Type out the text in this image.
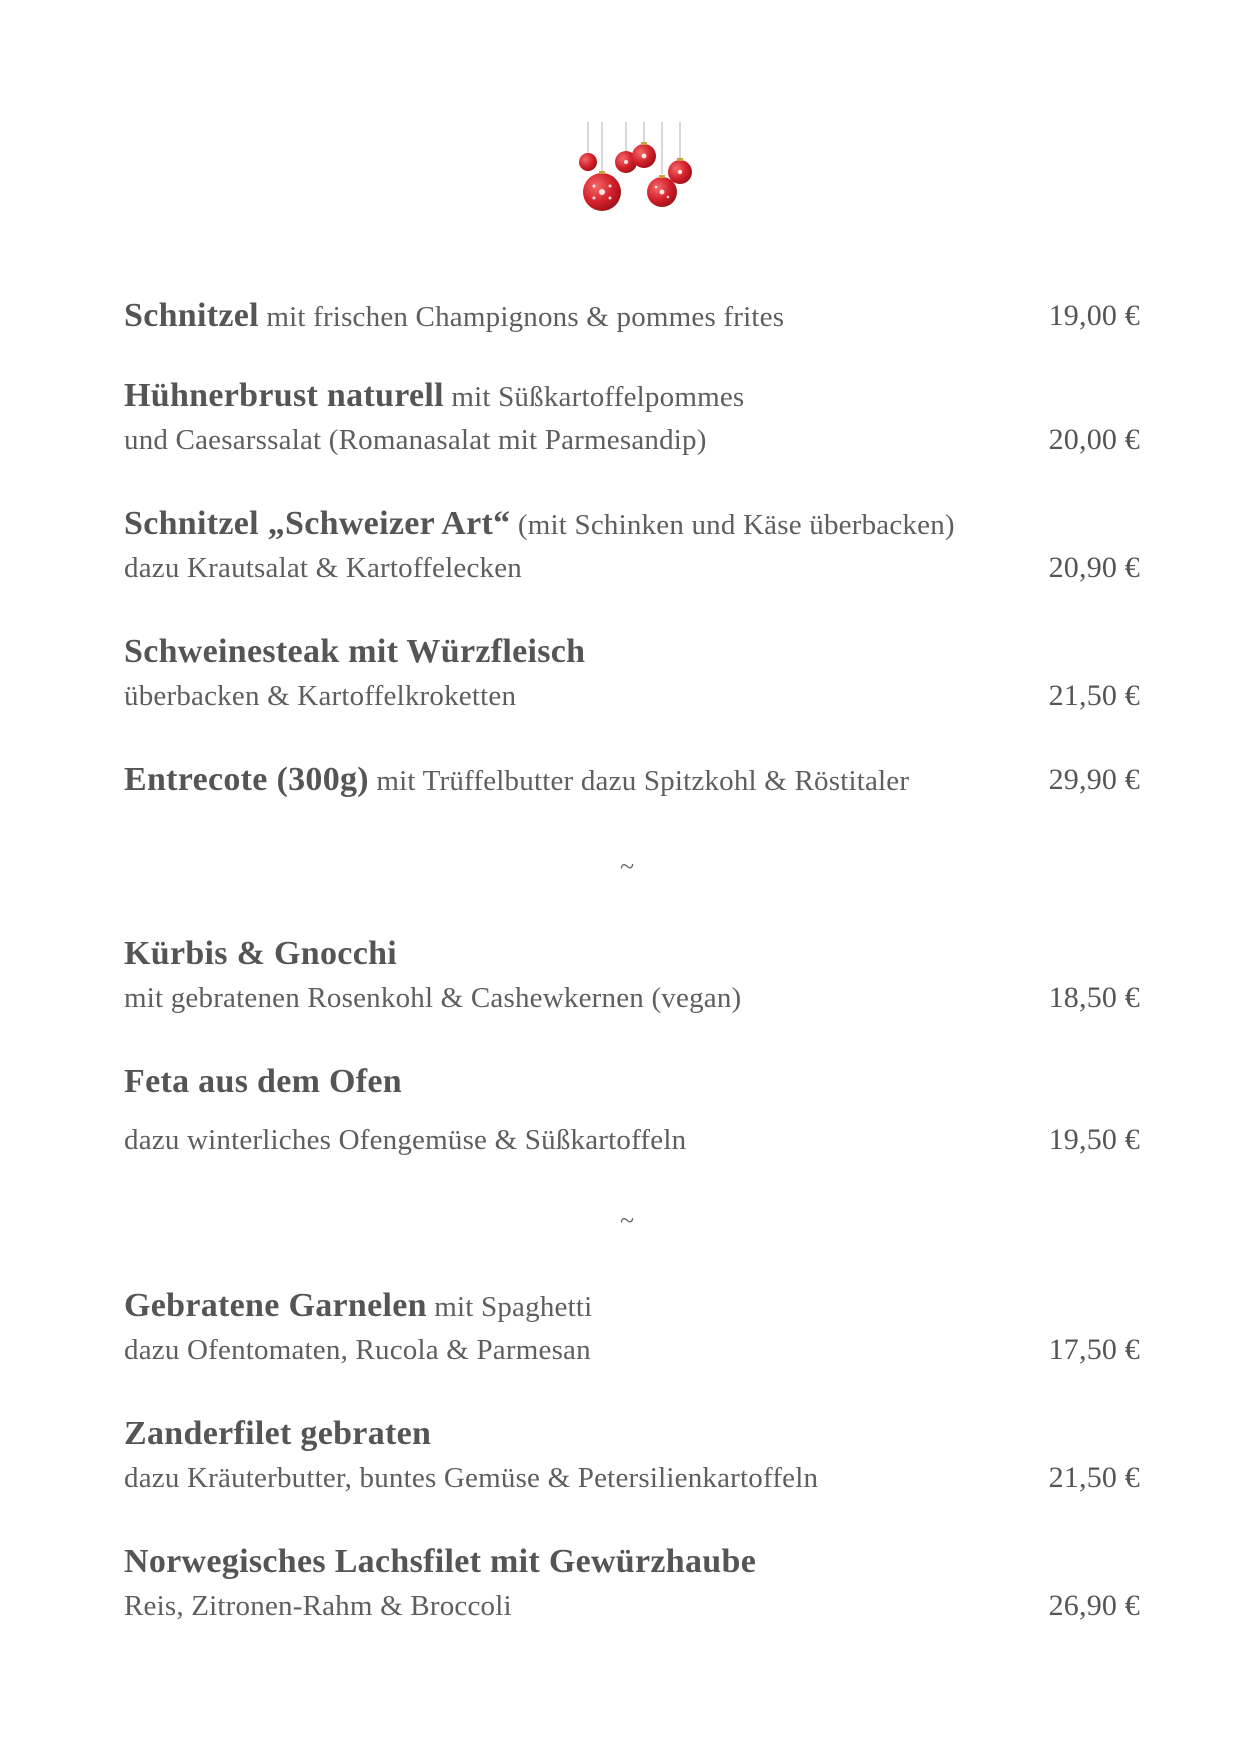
Schnitzel mit frischen Champignons & pommes frites	19,00 €
Hühnerbrust naturell mit Süßkartoffelpommes
und Caesarssalat (Romanasalat mit Parmesandip)	20,00 €
Schnitzel „Schweizer Art“ (mit Schinken und Käse überbacken)
dazu Krautsalat & Kartoffelecken	20,90 €
Schweinesteak mit Würzfleisch
überbacken & Kartoffelkroketten	21,50 €
Entrecote (300g) mit Trüffelbutter dazu Spitzkohl & Röstitaler	29,90 €
~
Kürbis & Gnocchi
mit gebratenen Rosenkohl & Cashewkernen (vegan)	18,50 €
Feta aus dem Ofen
dazu winterliches Ofengemüse & Süßkartoffeln	19,50 €
~
Gebratene Garnelen mit Spaghetti
dazu Ofentomaten, Rucola & Parmesan	17,50 €
Zanderfilet gebraten
dazu Kräuterbutter, buntes Gemüse & Petersilienkartoffeln	21,50 €
Norwegisches Lachsfilet mit Gewürzhaube
Reis, Zitronen-Rahm & Broccoli	26,90 €
